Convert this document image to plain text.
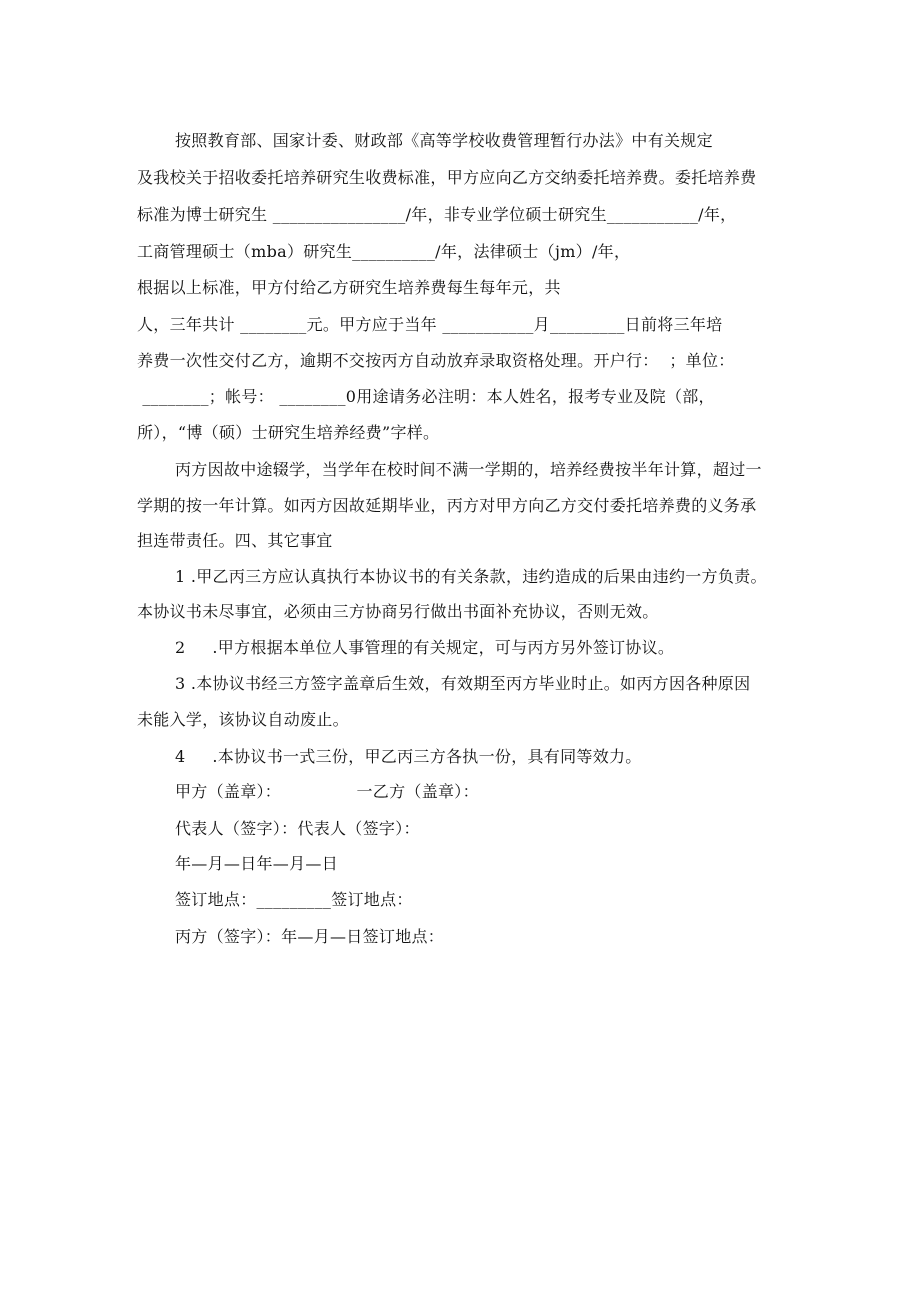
按照教育部、国家计委、财政部《高等学校收费管理暂行办法》中有关规定
及我校关于招收委托培养研究生收费标准，甲方应向乙方交纳委托培养费。委托培养费
标准为博士研究生 ________________/年，非专业学位硕士研究生___________/年，
工商管理硕士（mba）研究生__________/年，法律硕士（jm）/年，
根据以上标准，甲方付给乙方研究生培养费每生每年元，共
人，三年共计 ________元。甲方应于当年 ___________月_________日前将三年培
养费一次性交付乙方，逾期不交按丙方自动放弃录取资格处理。开户行：  ；单位：
________；帐号： ________0用途请务必注明：本人姓名，报考专业及院（部，
所），“博（硕）士研究生培养经费”字样。
丙方因故中途辍学，当学年在校时间不满一学期的，培养经费按半年计算，超过一
学期的按一年计算。如丙方因故延期毕业，丙方对甲方向乙方交付委托培养费的义务承
担连带责任。四、其它事宜
1 .甲乙丙三方应认真执行本协议书的有关条款，违约造成的后果由违约一方负责。
本协议书未尽事宜，必须由三方协商另行做出书面补充协议，否则无效。
2     .甲方根据本单位人事管理的有关规定，可与丙方另外签订协议。
3 .本协议书经三方签字盖章后生效，有效期至丙方毕业时止。如丙方因各种原因
未能入学，该协议自动废止。
4     .本协议书一式三份，甲乙丙三方各执一份，具有同等效力。
甲方（盖章）：              一乙方（盖章）：
代表人（签字）：代表人（签字）：
年—月—日年—月—日
签订地点：_________签订地点：
丙方（签字）：年—月—日签订地点：
